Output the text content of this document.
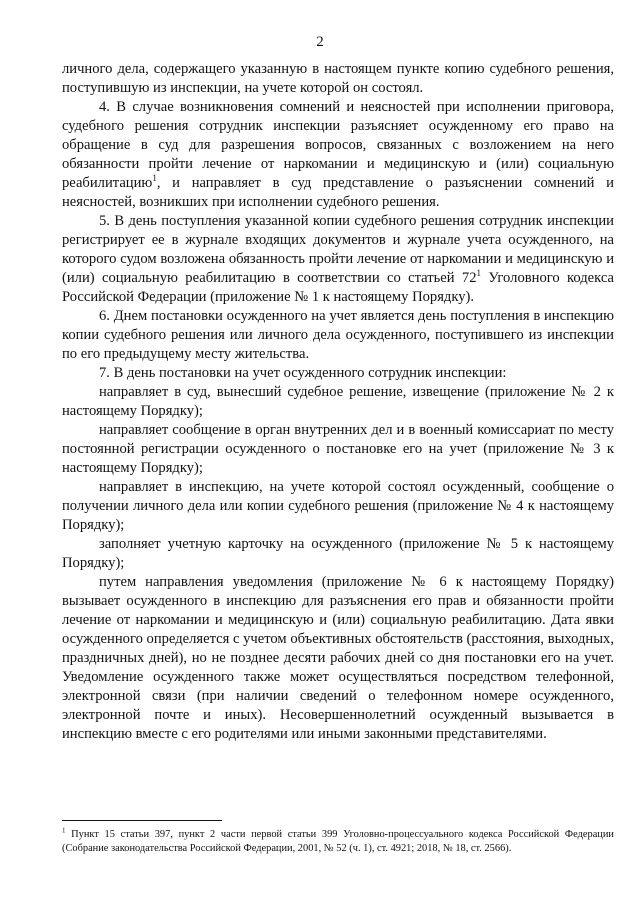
2

личного дела, содержащего указанную в настоящем пункте копию судебного решения, поступившую из инспекции, на учете которой он состоял.

4. В случае возникновения сомнений и неясностей при исполнении приговора, судебного решения сотрудник инспекции разъясняет осужденному его право на обращение в суд для разрешения вопросов, связанных с возложением на него обязанности пройти лечение от наркомании и медицинскую и (или) социальную реабилитацию$^1$, и направляет в суд представление о разъяснении сомнений и неясностей, возникших при исполнении судебного решения.

5. В день поступления указанной копии судебного решения сотрудник инспекции регистрирует ее в журнале входящих документов и журнале учета осужденного, на которого судом возложена обязанность пройти лечение от наркомании и медицинскую и (или) социальную реабилитацию в соответствии со статьей $72^1$ Уголовного кодекса Российской Федерации (приложение № 1 к настоящему Порядку).

6. Днем постановки осужденного на учет является день поступления в инспекцию копии судебного решения или личного дела осужденного, поступившего из инспекции по его предыдущему месту жительства.

7. В день постановки на учет осужденного сотрудник инспекции:

направляет в суд, вынесший судебное решение, извещение (приложение № 2 к настоящему Порядку);

направляет сообщение в орган внутренних дел и в военный комиссариат по месту постоянной регистрации осужденного о постановке его на учет (приложение № 3 к настоящему Порядку);

направляет в инспекцию, на учете которой состоял осужденный, сообщение о получении личного дела или копии судебного решения (приложение № 4 к настоящему Порядку);

заполняет учетную карточку на осужденного (приложение № 5 к настоящему Порядку);

путем направления уведомления (приложение № 6 к настоящему Порядку) вызывает осужденного в инспекцию для разъяснения его прав и обязанности пройти лечение от наркомании и медицинскую и (или) социальную реабилитацию. Дата явки осужденного определяется с учетом объективных обстоятельств (расстояния, выходных, праздничных дней), но не позднее десяти рабочих дней со дня постановки его на учет. Уведомление осужденного также может осуществляться посредством телефонной, электронной связи (при наличии сведений о телефонном номере осужденного, электронной почте и иных). Несовершеннолетний осужденный вызывается в инспекцию вместе с его родителями или иными законными представителями.

$^1$ Пункт 15 статьи 397, пункт 2 части первой статьи 399 Уголовно-процессуального кодекса Российской Федерации (Собрание законодательства Российской Федерации, 2001, № 52 (ч. 1), ст. 4921; 2018, № 18, ст. 2566).
